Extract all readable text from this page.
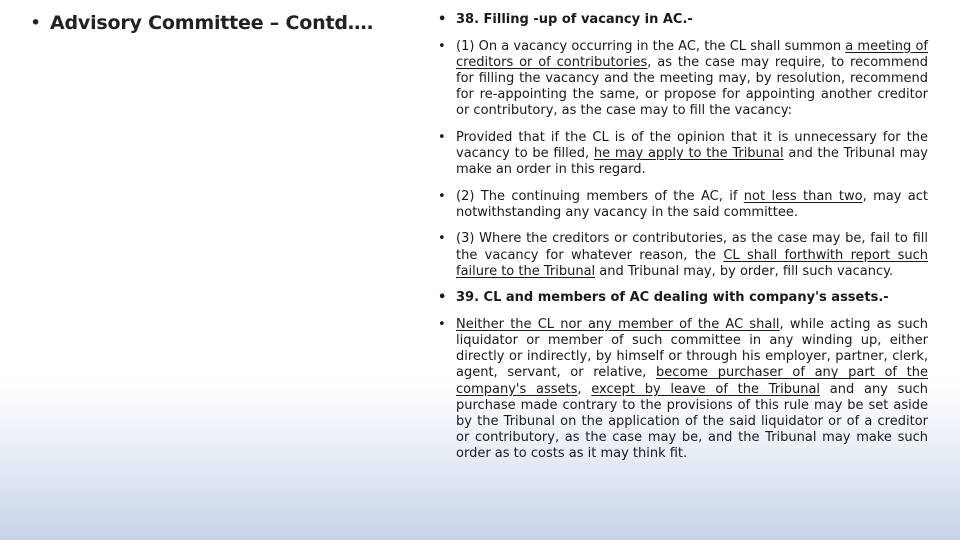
• Advisory Committee – Contd….	• 38. Filling -up of vacancy in AC.-
• (1) On a vacancy occurring in the AC, the CL shall summon a meeting of creditors or of contributories, as the case may require, to recommend for filling the vacancy and the meeting may, by resolution, recommend for re-appointing the same, or propose for appointing another creditor or contributory, as the case may to fill the vacancy:
• Provided that if the CL is of the opinion that it is unnecessary for the vacancy to be filled, he may apply to the Tribunal and the Tribunal may make an order in this regard.
• (2) The continuing members of the AC, if not less than two, may act notwithstanding any vacancy in the said committee.
• (3) Where the creditors or contributories, as the case may be, fail to fill the vacancy for whatever reason, the CL shall forthwith report such failure to the Tribunal and Tribunal may, by order, fill such vacancy.
• 39. CL and members of AC dealing with company's assets.-
• Neither the CL nor any member of the AC shall, while acting as such liquidator or member of such committee in any winding up, either directly or indirectly, by himself or through his employer, partner, clerk, agent, servant, or relative, become purchaser of any part of the company's assets, except by leave of the Tribunal and any such purchase made contrary to the provisions of this rule may be set aside by the Tribunal on the application of the said liquidator or of a creditor or contributory, as the case may be, and the Tribunal may make such order as to costs as it may think fit.
